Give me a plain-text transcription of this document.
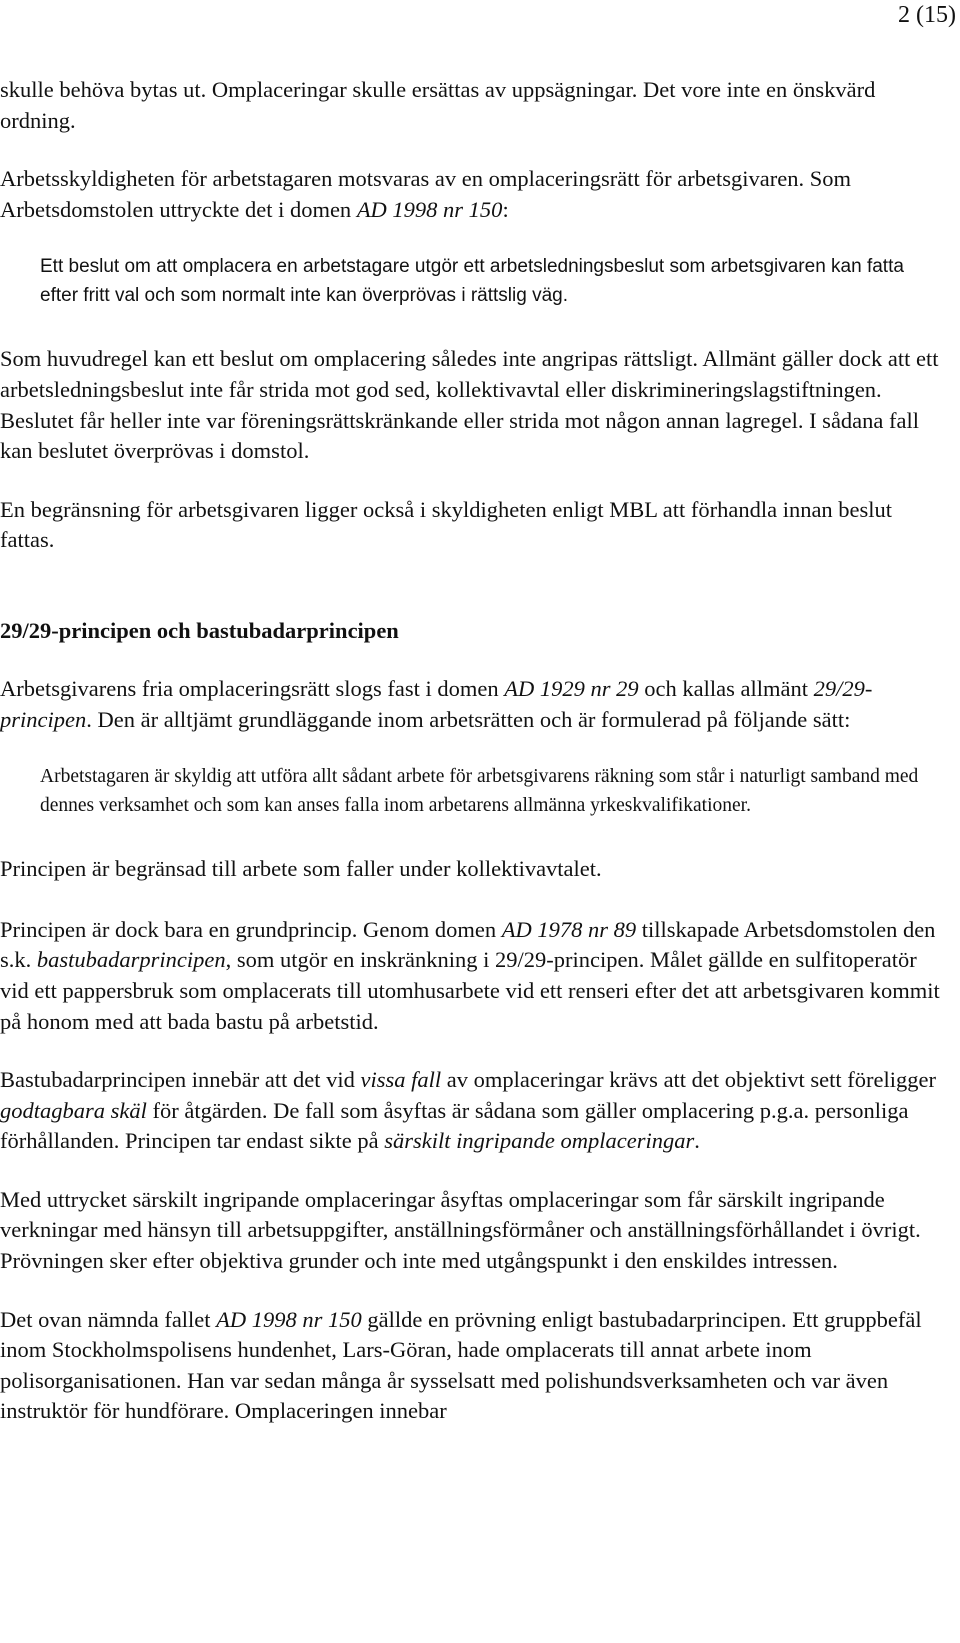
2 (15)

skulle behöva bytas ut. Omplaceringar skulle ersättas av uppsägningar. Det vore inte en önskvärd ordning.

Arbetsskyldigheten för arbetstagaren motsvaras av en omplaceringsrätt för arbetsgivaren. Som Arbetsdomstolen uttryckte det i domen AD 1998 nr 150:

Ett beslut om att omplacera en arbetstagare utgör ett arbetsledningsbeslut som arbetsgivaren kan fatta efter fritt val och som normalt inte kan överprövas i rättslig väg.

Som huvudregel kan ett beslut om omplacering således inte angripas rättsligt. Allmänt gäller dock att ett arbetsledningsbeslut inte får strida mot god sed, kollektivavtal eller diskrimineringslagstiftningen. Beslutet får heller inte var föreningsrättskränkande eller strida mot någon annan lagregel. I sådana fall kan beslutet överprövas i domstol.

En begränsning för arbetsgivaren ligger också i skyldigheten enligt MBL att förhandla innan beslut fattas.

29/29-principen och bastubadarprincipen

Arbetsgivarens fria omplaceringsrätt slogs fast i domen AD 1929 nr 29 och kallas allmänt 29/29-principen. Den är alltjämt grundläggande inom arbetsrätten och är formulerad på följande sätt:

Arbetstagaren är skyldig att utföra allt sådant arbete för arbetsgivarens räkning som står i naturligt samband med dennes verksamhet och som kan anses falla inom arbetarens allmänna yrkeskvalifikationer.

Principen är begränsad till arbete som faller under kollektivavtalet.

Principen är dock bara en grundprincip. Genom domen AD 1978 nr 89 tillskapade Arbetsdomstolen den s.k. bastubadarprincipen, som utgör en inskränkning i 29/29-principen. Målet gällde en sulfitoperatör vid ett pappersbruk som omplacerats till utomhusarbete vid ett renseri efter det att arbetsgivaren kommit på honom med att bada bastu på arbetstid.

Bastubadarprincipen innebär att det vid vissa fall av omplaceringar krävs att det objektivt sett föreligger godtagbara skäl för åtgärden. De fall som åsyftas är sådana som gäller omplacering p.g.a. personliga förhållanden. Principen tar endast sikte på särskilt ingripande omplaceringar.

Med uttrycket särskilt ingripande omplaceringar åsyftas omplaceringar som får särskilt ingripande verkningar med hänsyn till arbetsuppgifter, anställningsförmåner och anställningsförhållandet i övrigt. Prövningen sker efter objektiva grunder och inte med utgångspunkt i den enskildes intressen.

Det ovan nämnda fallet AD 1998 nr 150 gällde en prövning enligt bastubadarprincipen. Ett gruppbefäl inom Stockholmspolisens hundenhet, Lars-Göran, hade omplacerats till annat arbete inom polisorganisationen. Han var sedan många år sysselsatt med polishundsverksamheten och var även instruktör för hundförare. Omplaceringen innebar
